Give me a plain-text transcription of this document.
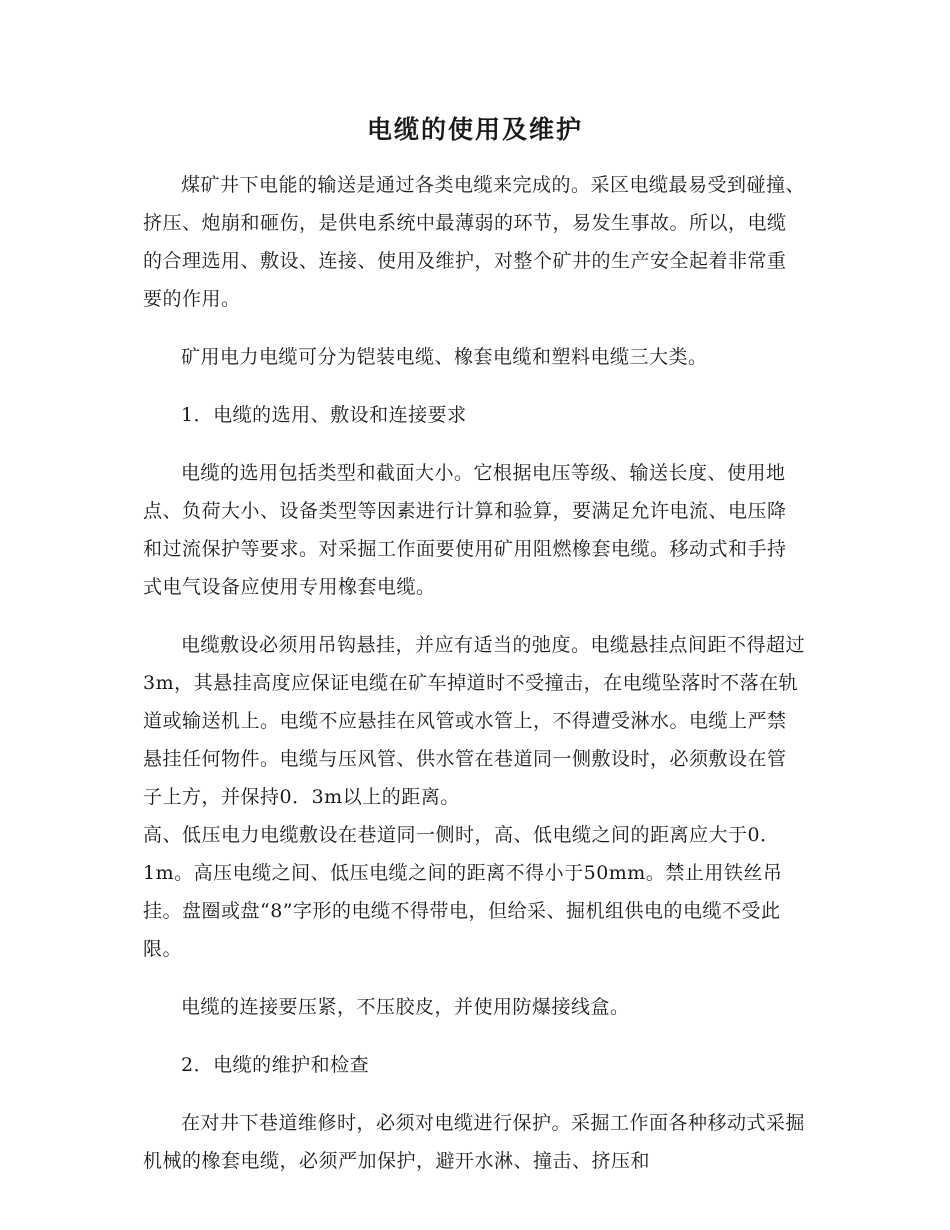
电缆的使用及维护

煤矿井下电能的输送是通过各类电缆来完成的。采区电缆最易受到碰撞、挤压、炮崩和砸伤，是供电系统中最薄弱的环节，易发生事故。所以，电缆的合理选用、敷设、连接、使用及维护，对整个矿井的生产安全起着非常重要的作用。

矿用电力电缆可分为铠装电缆、橡套电缆和塑料电缆三大类。

1．电缆的选用、敷设和连接要求

电缆的选用包括类型和截面大小。它根据电压等级、输送长度、使用地点、负荷大小、设备类型等因素进行计算和验算，要满足允许电流、电压降和过流保护等要求。对采掘工作面要使用矿用阻燃橡套电缆。移动式和手持式电气设备应使用专用橡套电缆。

电缆敷设必须用吊钩悬挂，并应有适当的弛度。电缆悬挂点间距不得超过3m，其悬挂高度应保证电缆在矿车掉道时不受撞击，在电缆坠落时不落在轨道或输送机上。电缆不应悬挂在风管或水管上，不得遭受淋水。电缆上严禁悬挂任何物件。电缆与压风管、供水管在巷道同一侧敷设时，必须敷设在管子上方，并保持0．3m以上的距离。

高、低压电力电缆敷设在巷道同一侧时，高、低电缆之间的距离应大于0．1m。高压电缆之间、低压电缆之间的距离不得小于50mm。禁止用铁丝吊挂。盘圈或盘“8”字形的电缆不得带电，但给采、掘机组供电的电缆不受此限。

电缆的连接要压紧，不压胶皮，并使用防爆接线盒。

2．电缆的维护和检查

在对井下巷道维修时，必须对电缆进行保护。采掘工作面各种移动式采掘机械的橡套电缆，必须严加保护，避开水淋、撞击、挤压和
